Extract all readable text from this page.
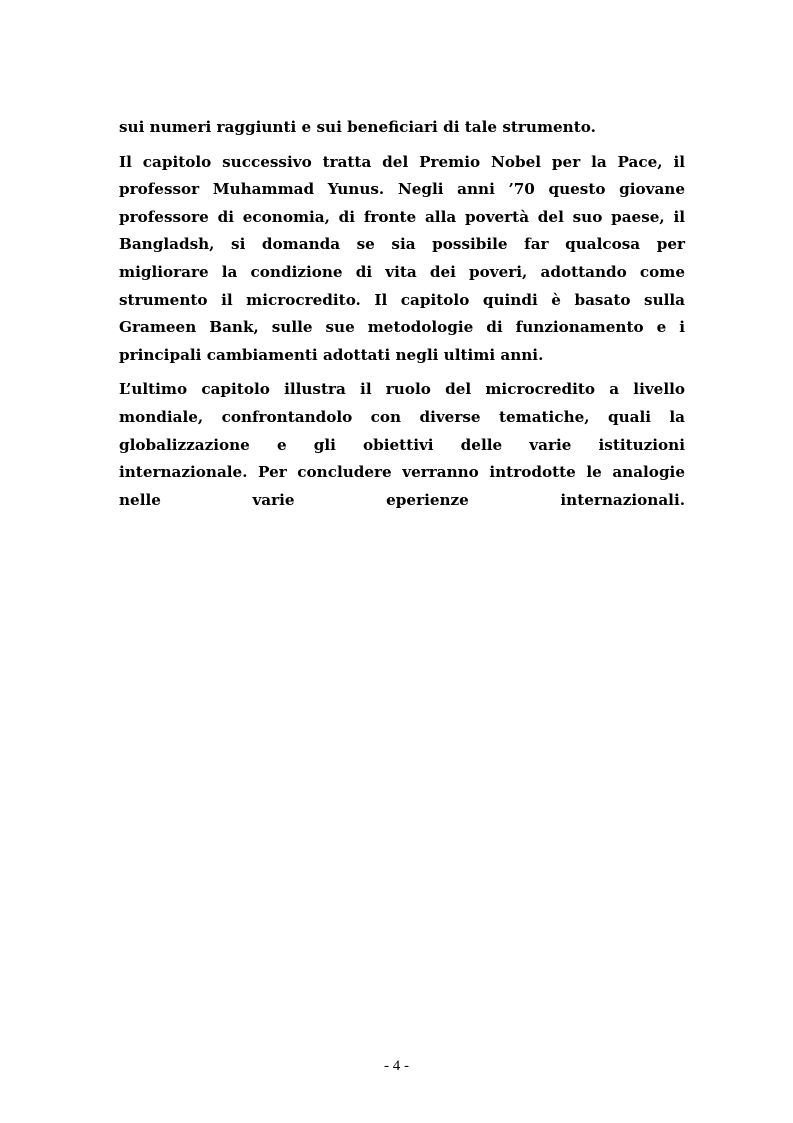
sui numeri raggiunti e sui beneficiari di tale strumento.

Il capitolo successivo tratta del Premio Nobel per la Pace, il professor Muhammad Yunus. Negli anni ’70 questo giovane professore di economia, di fronte alla povertà del suo paese, il Bangladsh, si domanda se sia possibile far qualcosa per migliorare la condizione di vita dei poveri, adottando come strumento il microcredito. Il capitolo quindi è basato sulla Grameen Bank, sulle sue metodologie di funzionamento e i principali cambiamenti adottati negli ultimi anni.

L’ultimo capitolo illustra il ruolo del microcredito a livello mondiale, confrontandolo con diverse tematiche, quali la globalizzazione e gli obiettivi delle varie istituzioni internazionale. Per concludere verranno introdotte le analogie nelle varie eperienze internazionali.

- 4 -
